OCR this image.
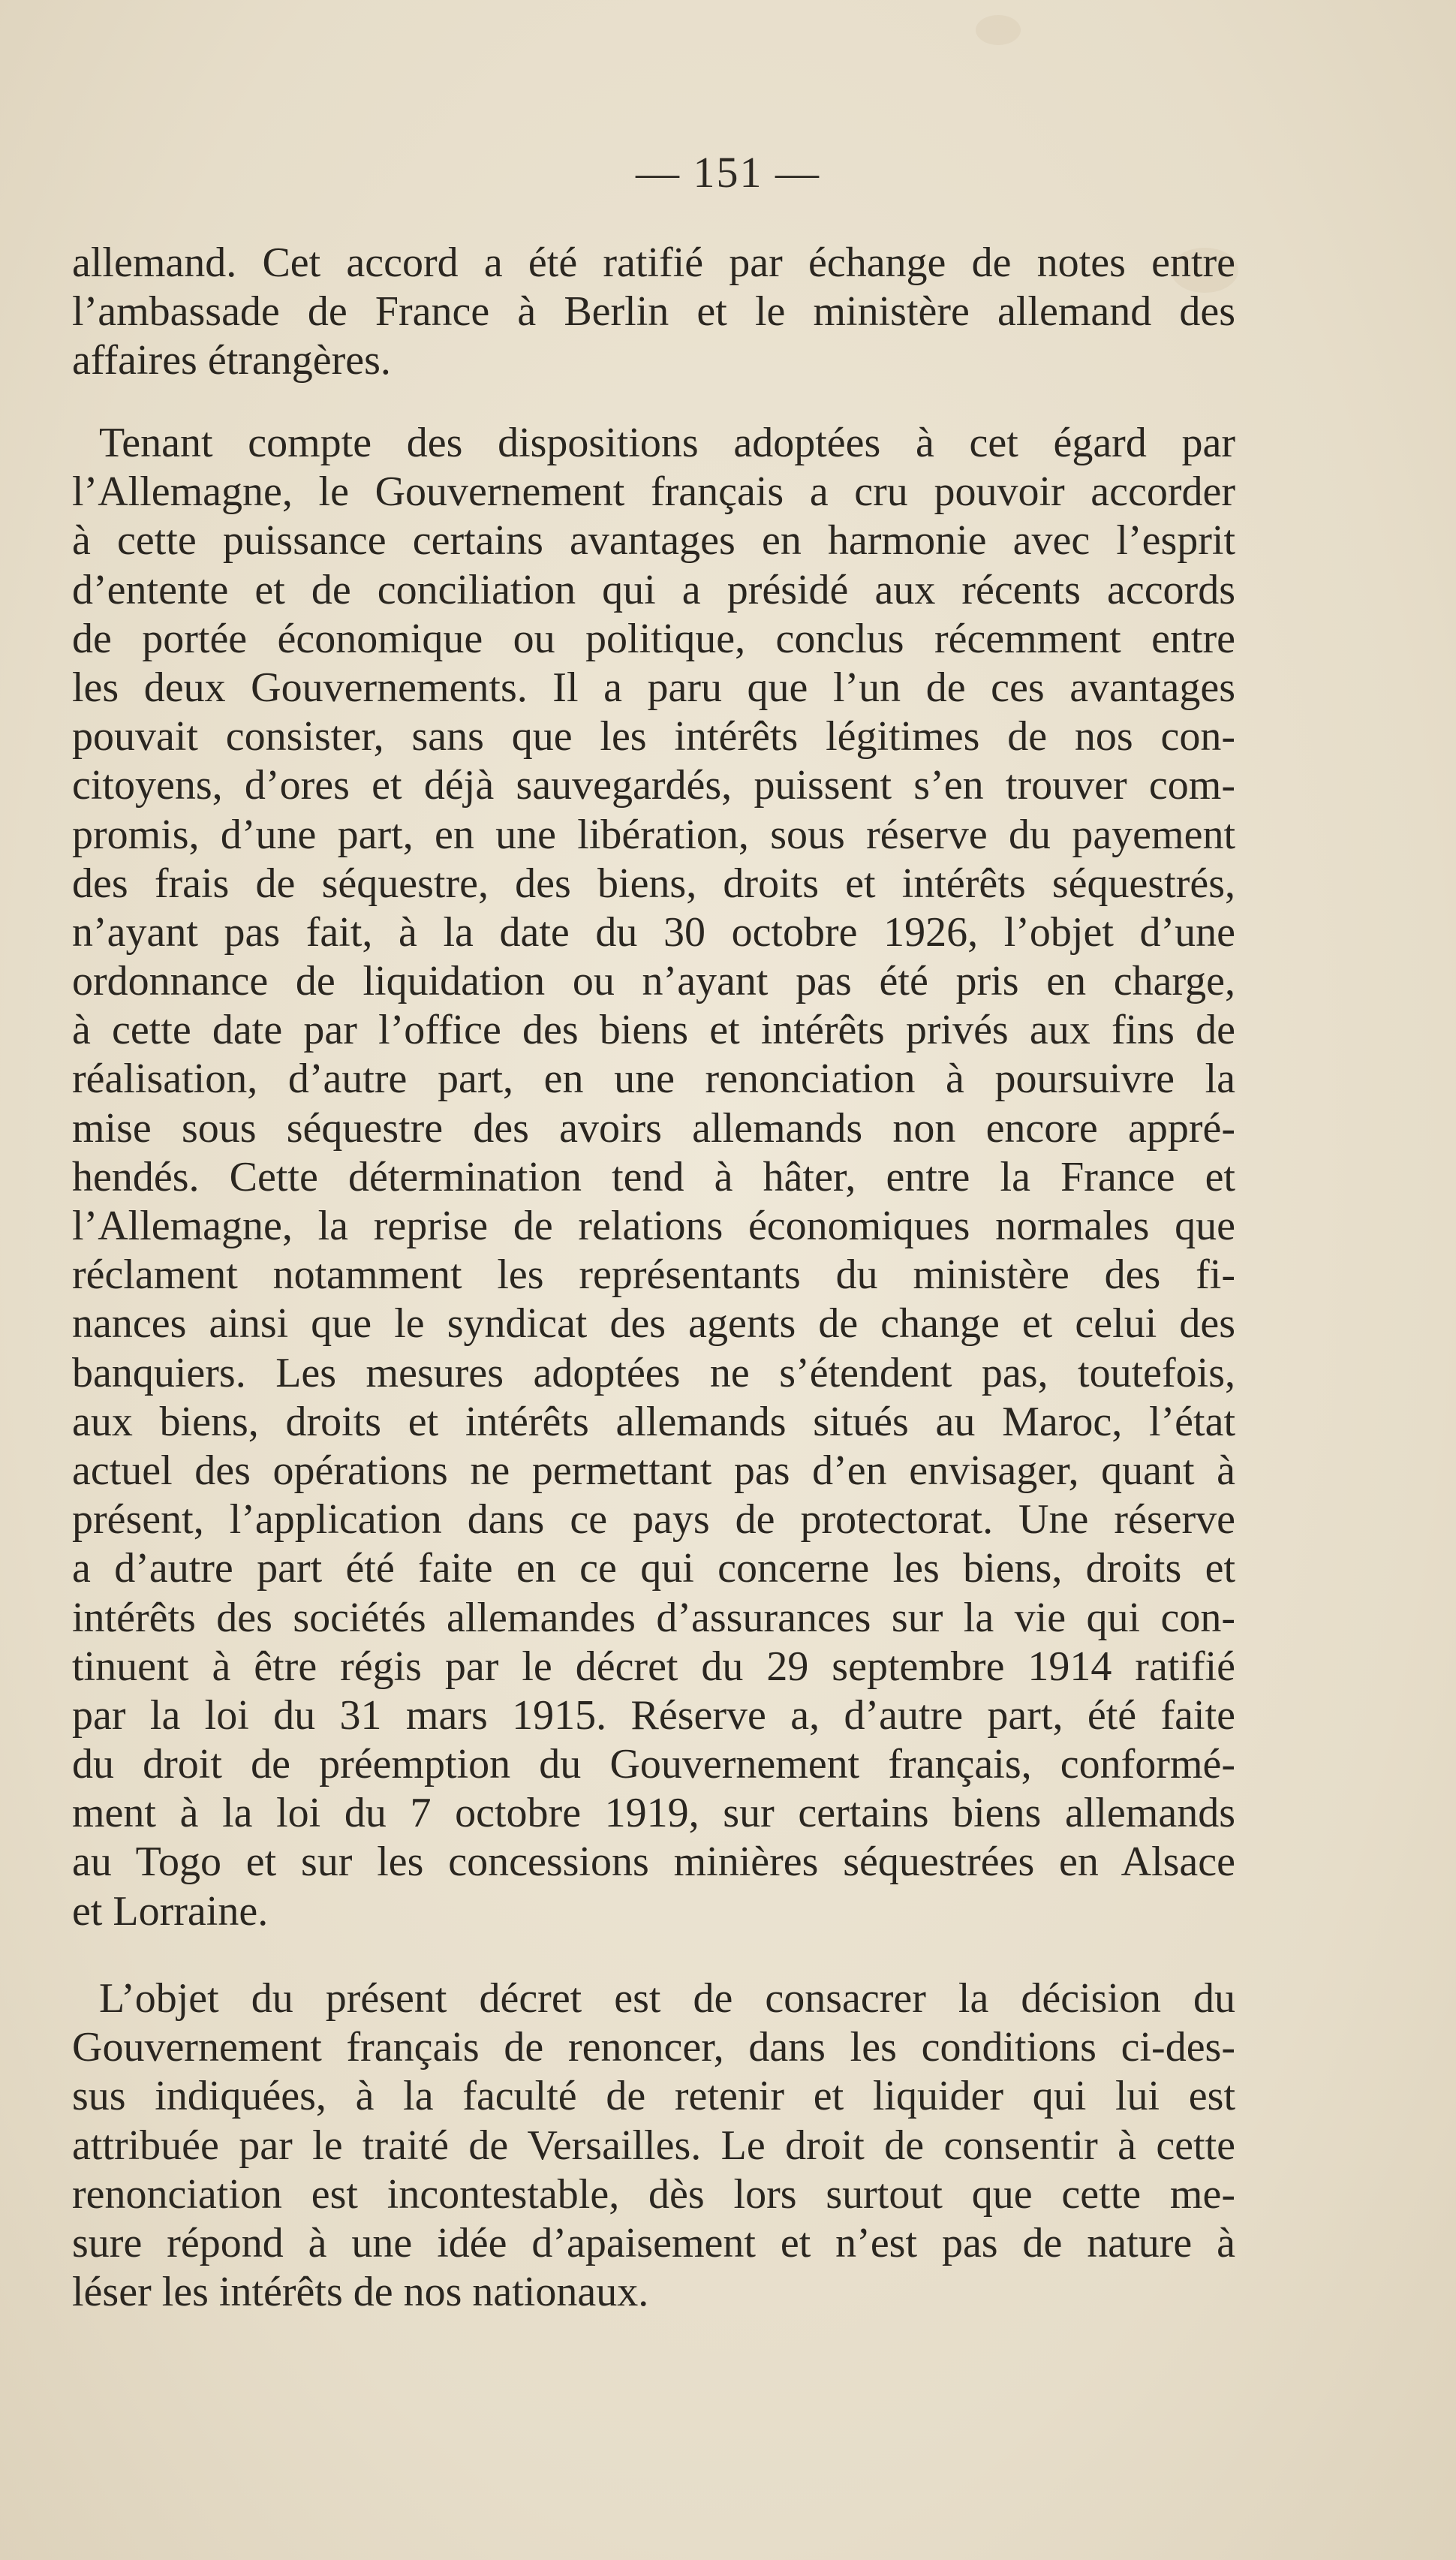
— 151 —
allemand. Cet accord a été ratifié par échange de notes entre
l’ambassade de France à Berlin et le ministère allemand des
affaires étrangères.
Tenant compte des dispositions adoptées à cet égard par
l’Allemagne, le Gouvernement français a cru pouvoir accorder
à cette puissance certains avantages en harmonie avec l’esprit
d’entente et de conciliation qui a présidé aux récents accords
de portée économique ou politique, conclus récemment entre
les deux Gouvernements. Il a paru que l’un de ces avantages
pouvait consister, sans que les intérêts légitimes de nos con-
citoyens, d’ores et déjà sauvegardés, puissent s’en trouver com-
promis, d’une part, en une libération, sous réserve du payement
des frais de séquestre, des biens, droits et intérêts séquestrés,
n’ayant pas fait, à la date du 30 octobre 1926, l’objet d’une
ordonnance de liquidation ou n’ayant pas été pris en charge,
à cette date par l’office des biens et intérêts privés aux fins de
réalisation, d’autre part, en une renonciation à poursuivre la
mise sous séquestre des avoirs allemands non encore appré-
hendés. Cette détermination tend à hâter, entre la France et
l’Allemagne, la reprise de relations économiques normales que
réclament notamment les représentants du ministère des fi-
nances ainsi que le syndicat des agents de change et celui des
banquiers. Les mesures adoptées ne s’étendent pas, toutefois,
aux biens, droits et intérêts allemands situés au Maroc, l’état
actuel des opérations ne permettant pas d’en envisager, quant à
présent, l’application dans ce pays de protectorat. Une réserve
a d’autre part été faite en ce qui concerne les biens, droits et
intérêts des sociétés allemandes d’assurances sur la vie qui con-
tinuent à être régis par le décret du 29 septembre 1914 ratifié
par la loi du 31 mars 1915. Réserve a, d’autre part, été faite
du droit de préemption du Gouvernement français, conformé-
ment à la loi du 7 octobre 1919, sur certains biens allemands
au Togo et sur les concessions minières séquestrées en Alsace
et Lorraine.
L’objet du présent décret est de consacrer la décision du
Gouvernement français de renoncer, dans les conditions ci-des-
sus indiquées, à la faculté de retenir et liquider qui lui est
attribuée par le traité de Versailles. Le droit de consentir à cette
renonciation est incontestable, dès lors surtout que cette me-
sure répond à une idée d’apaisement et n’est pas de nature à
léser les intérêts de nos nationaux.
